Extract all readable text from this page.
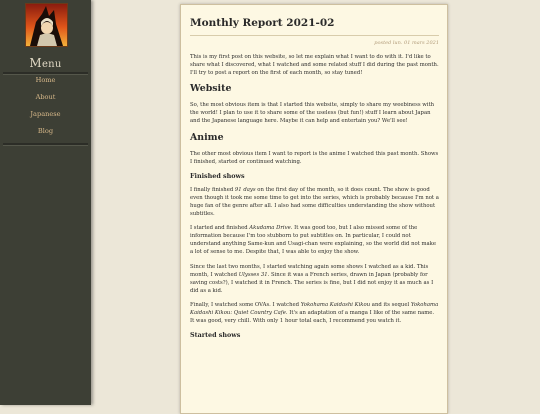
Menu
Home
About
Japanese
Blog
Monthly Report 2021-02
posted lun. 01 mars 2021

This is my first post on this website, so let me explain what I want to do with it. I'd like to share what I discovered, what I watched and some related stuff I did during the past month. I'll try to post a report on the first of each month, so stay tuned!

Website

So, the most obvious item is that I started this website, simply to share my weebiness with the world! I plan to use it to share some of the useless (but fun!) stuff I learn about Japan and the Japanese language here. Maybe it can help and entertain you? We'll see!

Anime

The other most obvious item I want to report is the anime I watched this past month. Shows I finished, started or continued watching.

Finished shows

I finally finished 91 days on the first day of the month, so it does count. The show is good even though it took me some time to get into the series, which is probably because I'm not a huge fan of the genre after all. I also had some difficulties understanding the show without subtitles.

I started and finished Akudama Drive. It was good too, but I also missed some of the information because I'm too stubborn to put subtitles on. In particular, I could not understand anything Same-kun and Usagi-chan were explaining, so the world did not make a lot of sense to me. Despite that, I was able to enjoy the show.

Since the last two months, I started watching again some shows I watched as a kid. This month, I watched Ulysses 31. Since it was a French series, drawn in Japan (probably for saving costs?), I watched it in French. The series is fine, but I did not enjoy it as much as I did as a kid.

Finally, I watched some OVAs. I watched Yokohama Kaidashi Kikou and its sequel Yokohama Kaidashi Kikou: Quiet Country Cafe. It's an adaptation of a manga I like of the same name. It was good, very chill. With only 1 hour total each, I recommend you watch it.

Started shows
